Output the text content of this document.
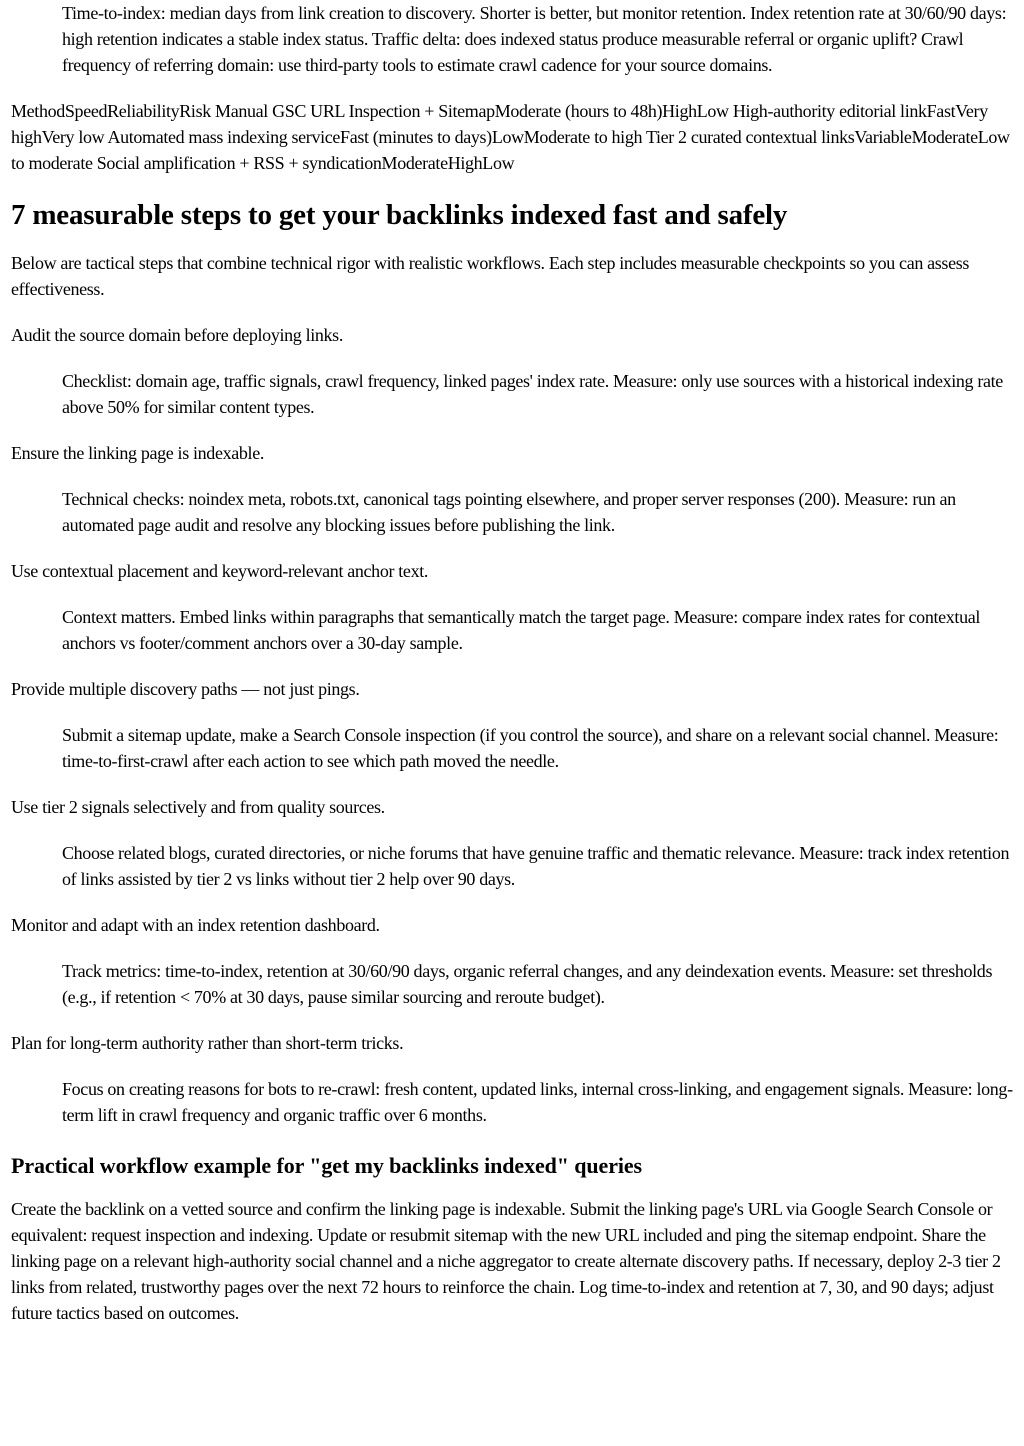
Time-to-index: median days from link creation to discovery. Shorter is better, but monitor retention. Index retention rate at 30/60/90 days: high retention indicates a stable index status. Traffic delta: does indexed status produce measurable referral or organic uplift? Crawl frequency of referring domain: use third-party tools to estimate crawl cadence for your source domains.

MethodSpeedReliabilityRisk Manual GSC URL Inspection + SitemapModerate (hours to 48h)HighLow High-authority editorial linkFastVery highVery low Automated mass indexing serviceFast (minutes to days)LowModerate to high Tier 2 curated contextual linksVariableModerateLow to moderate Social amplification + RSS + syndicationModerateHighLow

7 measurable steps to get your backlinks indexed fast and safely

Below are tactical steps that combine technical rigor with realistic workflows. Each step includes measurable checkpoints so you can assess effectiveness.

Audit the source domain before deploying links.

Checklist: domain age, traffic signals, crawl frequency, linked pages' index rate. Measure: only use sources with a historical indexing rate above 50% for similar content types.

Ensure the linking page is indexable.

Technical checks: noindex meta, robots.txt, canonical tags pointing elsewhere, and proper server responses (200). Measure: run an automated page audit and resolve any blocking issues before publishing the link.

Use contextual placement and keyword-relevant anchor text.

Context matters. Embed links within paragraphs that semantically match the target page. Measure: compare index rates for contextual anchors vs footer/comment anchors over a 30-day sample.

Provide multiple discovery paths — not just pings.

Submit a sitemap update, make a Search Console inspection (if you control the source), and share on a relevant social channel. Measure: time-to-first-crawl after each action to see which path moved the needle.

Use tier 2 signals selectively and from quality sources.

Choose related blogs, curated directories, or niche forums that have genuine traffic and thematic relevance. Measure: track index retention of links assisted by tier 2 vs links without tier 2 help over 90 days.

Monitor and adapt with an index retention dashboard.

Track metrics: time-to-index, retention at 30/60/90 days, organic referral changes, and any deindexation events. Measure: set thresholds (e.g., if retention < 70% at 30 days, pause similar sourcing and reroute budget).

Plan for long-term authority rather than short-term tricks.

Focus on creating reasons for bots to re-crawl: fresh content, updated links, internal cross-linking, and engagement signals. Measure: long-term lift in crawl frequency and organic traffic over 6 months.

Practical workflow example for "get my backlinks indexed" queries

Create the backlink on a vetted source and confirm the linking page is indexable. Submit the linking page's URL via Google Search Console or equivalent: request inspection and indexing. Update or resubmit sitemap with the new URL included and ping the sitemap endpoint. Share the linking page on a relevant high-authority social channel and a niche aggregator to create alternate discovery paths. If necessary, deploy 2-3 tier 2 links from related, trustworthy pages over the next 72 hours to reinforce the chain. Log time-to-index and retention at 7, 30, and 90 days; adjust future tactics based on outcomes.
